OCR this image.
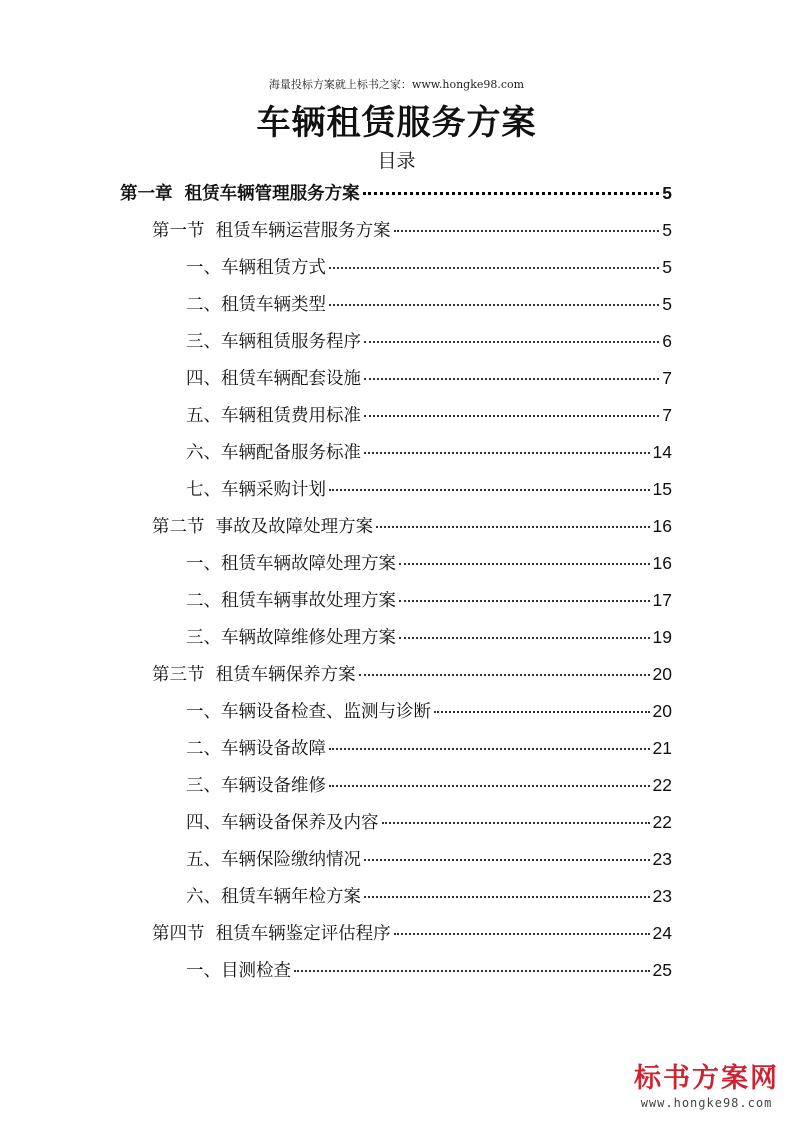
海量投标方案就上标书之家：www.hongke98.com
车辆租赁服务方案
目录
第一章  租赁车辆管理服务方案	5
第一节  租赁车辆运营服务方案	5
一、车辆租赁方式	5
二、租赁车辆类型	5
三、车辆租赁服务程序	6
四、租赁车辆配套设施	7
五、车辆租赁费用标准	7
六、车辆配备服务标准	14
七、车辆采购计划	15
第二节  事故及故障处理方案	16
一、租赁车辆故障处理方案	16
二、租赁车辆事故处理方案	17
三、车辆故障维修处理方案	19
第三节  租赁车辆保养方案	20
一、车辆设备检查、监测与诊断	20
二、车辆设备故障	21
三、车辆设备维修	22
四、车辆设备保养及内容	22
五、车辆保险缴纳情况	23
六、租赁车辆年检方案	23
第四节  租赁车辆鉴定评估程序	24
一、目测检查	25
标书方案网
www.hongke98.com
